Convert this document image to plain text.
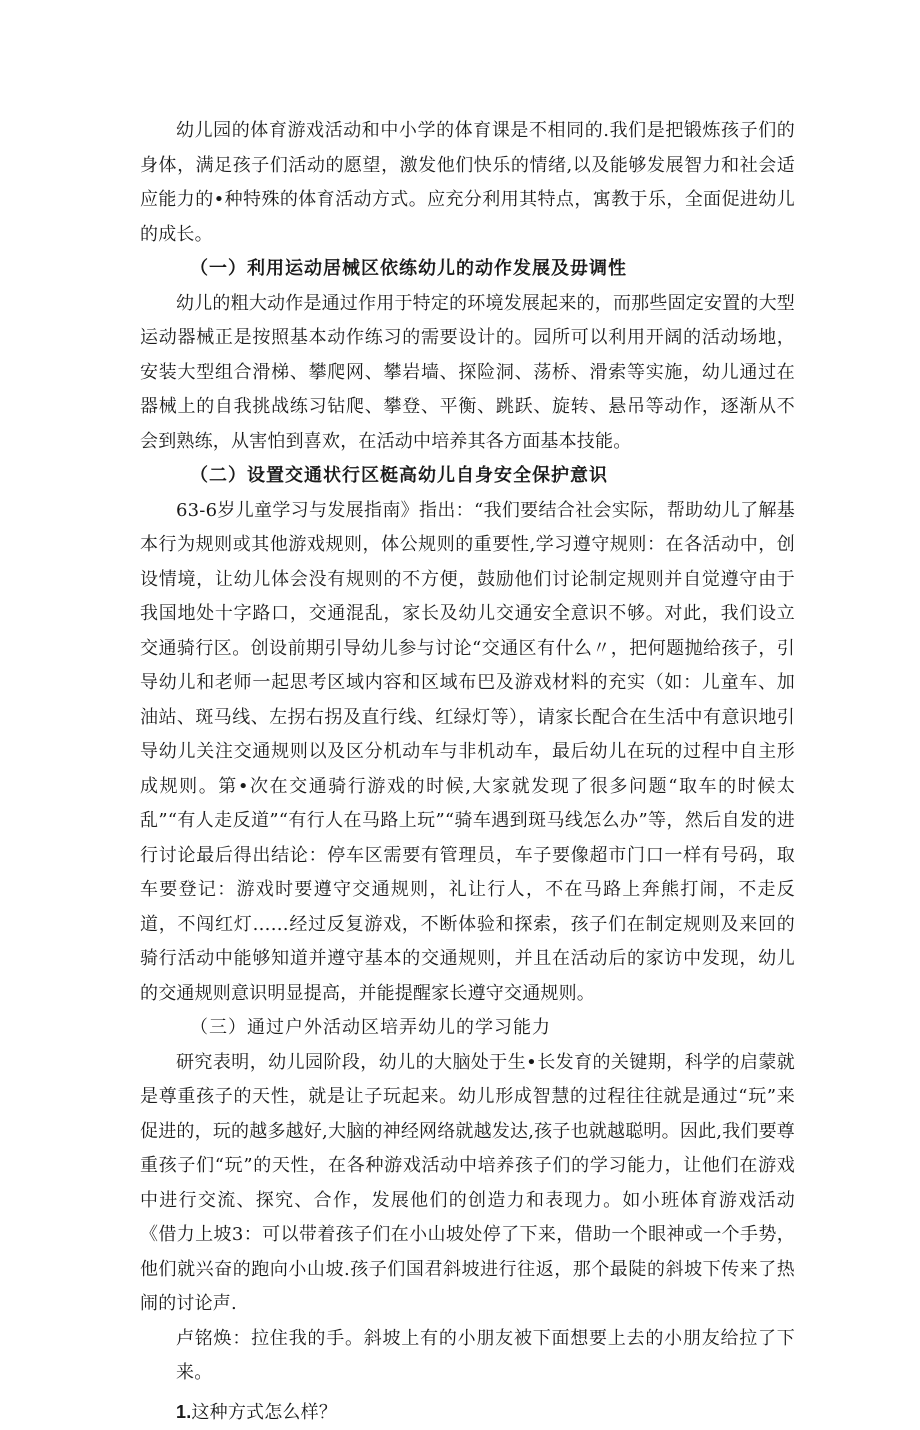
幼儿园的体育游戏活动和中小学的体育课是不相同的.我们是把锻炼孩子们的身体，满足孩子们活动的愿望，激发他们快乐的情绪,以及能够发展智力和社会适应能力的•种特殊的体育活动方式。应充分利用其特点，寓教于乐，全面促进幼儿的成长。

（一）利用运动居械区依练幼儿的动作发展及毋调性

幼儿的粗大动作是通过作用于特定的环境发展起来的，而那些固定安置的大型运动器械正是按照基本动作练习的需要设计的。园所可以利用开阔的活动场地，安装大型组合滑梯、攀爬网、攀岩墙、探险洞、荡桥、滑索等实施，幼儿通过在器械上的自我挑战练习钻爬、攀登、平衡、跳跃、旋转、悬吊等动作，逐渐从不会到熟练，从害怕到喜欢，在活动中培养其各方面基本技能。

（二）设置交通状行区梃高幼儿自身安全保护意识

63-6岁儿童学习与发展指南》指出：“我们要结合社会实际，帮助幼儿了解基本行为规则或其他游戏规则，体公规则的重要性,学习遵守规则：在各活动中，创设情境，让幼儿体会没有规则的不方便，鼓励他们讨论制定规则并自觉遵守由于我国地处十字路口，交通混乱，家长及幼儿交通安全意识不够。对此，我们设立交通骑行区。创设前期引导幼儿参与讨论“交通区有什么〃，把何题抛给孩子，引导幼儿和老师一起思考区域内容和区域布巴及游戏材料的充实（如：儿童车、加油站、斑马线、左拐右拐及直行线、红绿灯等），请家长配合在生活中有意识地引导幼儿关注交通规则以及区分机动车与非机动车，最后幼儿在玩的过程中自主形成规则。第•次在交通骑行游戏的时候,大家就发现了很多问题“取车的时候太乱”“有人走反道”“有行人在马路上玩”“骑车遇到斑马线怎么办”等，然后自发的进行讨论最后得出结论：停车区需要有管理员，车子要像超市门口一样有号码，取车要登记：游戏时要遵守交通规则，礼让行人，不在马路上奔熊打闹，不走反道，不闯红灯……经过反复游戏，不断体验和探索，孩子们在制定规则及来回的骑行活动中能够知道并遵守基本的交通规则，并且在活动后的家访中发现，幼儿的交通规则意识明显提高，并能提醒家长遵守交通规则。

（三）通过户外活动区培弄幼儿的学习能力

研究表明，幼儿园阶段，幼儿的大脑处于生•长发育的关键期，科学的启蒙就是尊重孩子的天性，就是让子玩起来。幼儿形成智慧的过程往往就是通过“玩”来促进的，玩的越多越好,大脑的神经网络就越发达,孩子也就越聪明。因此,我们要尊重孩子们“玩”的天性，在各种游戏活动中培养孩子们的学习能力，让他们在游戏中进行交流、探究、合作，发展他们的创造力和表现力。如小班体育游戏活动《借力上坡3：可以带着孩子们在小山坡处停了下来，借助一个眼神或一个手势，他们就兴奋的跑向小山坡.孩子们国君斜坡进行往返，那个最陡的斜坡下传来了热闹的讨论声.

卢铭焕：拉住我的手。斜坡上有的小朋友被下面想要上去的小朋友给拉了下来。

1.这种方式怎么样？
